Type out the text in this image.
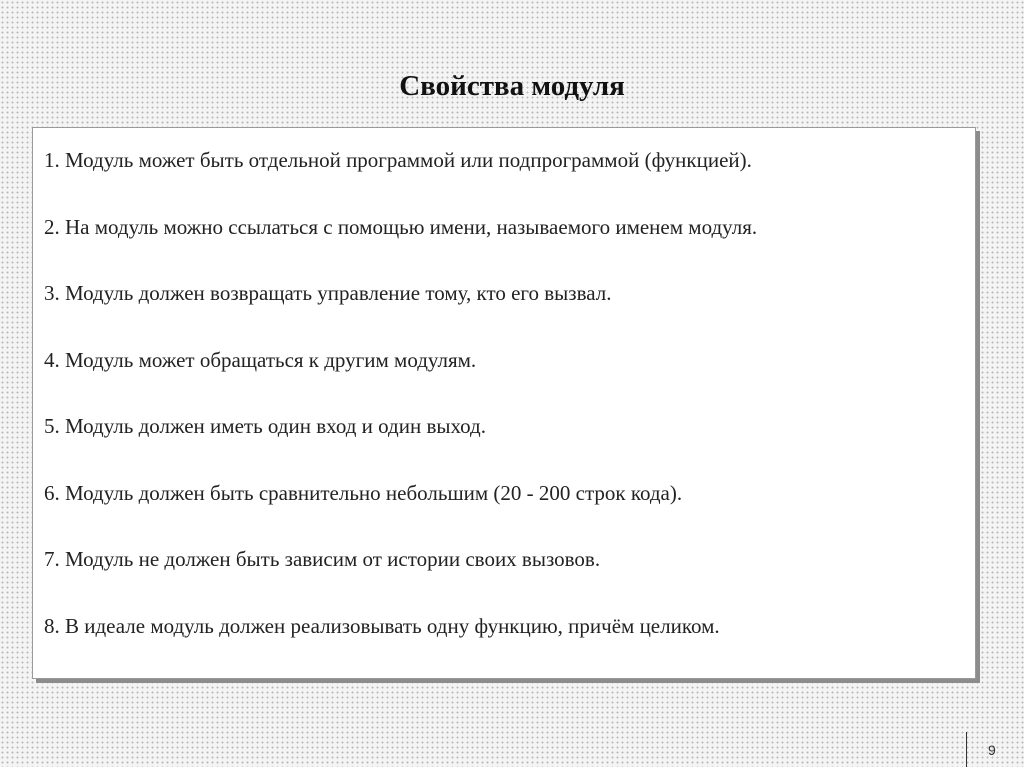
Свойства модуля
1. Модуль может быть отдельной программой или подпрограммой (функцией).
2. На модуль можно ссылаться с помощью имени, называемого именем модуля.
3. Модуль должен возвращать управление тому, кто его вызвал.
4. Модуль может обращаться к другим модулям.
5. Модуль должен иметь один вход и один выход.
6. Модуль должен быть сравнительно небольшим (20 - 200 строк кода).
7. Модуль не должен быть зависим от истории своих вызовов.
8. В идеале модуль должен реализовывать одну функцию, причём целиком.
9
